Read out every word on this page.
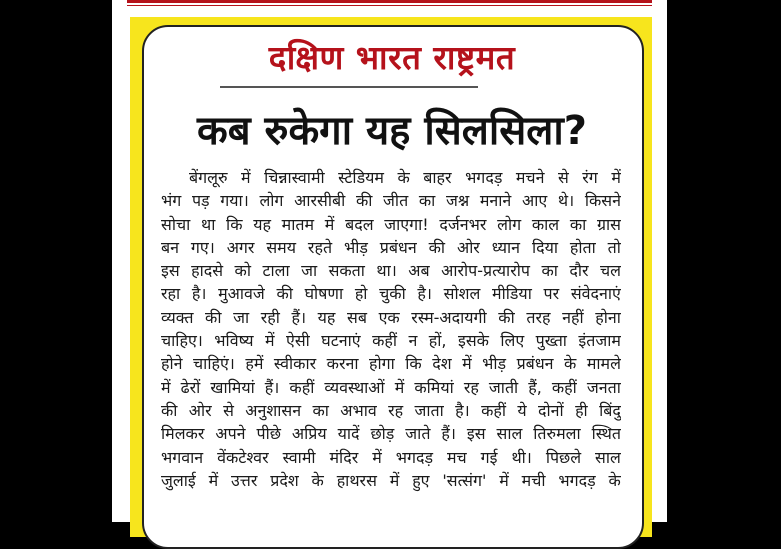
दक्षिण भारत राष्ट्रमत
कब रुकेगा यह सिलसिला?
बेंगलूरु में चिन्नास्वामी स्टेडियम के बाहर भगदड़ मचने से रंग में
भंग पड़ गया। लोग आरसीबी की जीत का जश्न मनाने आए थे। किसने
सोचा था कि यह मातम में बदल जाएगा! दर्जनभर लोग काल का ग्रास
बन गए। अगर समय रहते भीड़ प्रबंधन की ओर ध्यान दिया होता तो
इस हादसे को टाला जा सकता था। अब आरोप-प्रत्यारोप का दौर चल
रहा है। मुआवजे की घोषणा हो चुकी है। सोशल मीडिया पर संवेदनाएं
व्यक्त की जा रही हैं। यह सब एक रस्म-अदायगी की तरह नहीं होना
चाहिए। भविष्य में ऐसी घटनाएं कहीं न हों, इसके लिए पुख्ता इंतजाम
होने चाहिएं। हमें स्वीकार करना होगा कि देश में भीड़ प्रबंधन के मामले
में ढेरों खामियां हैं। कहीं व्यवस्थाओं में कमियां रह जाती हैं, कहीं जनता
की ओर से अनुशासन का अभाव रह जाता है। कहीं ये दोनों ही बिंदु
मिलकर अपने पीछे अप्रिय यादें छोड़ जाते हैं। इस साल तिरुमला स्थित
भगवान वेंकटेश्वर स्वामी मंदिर में भगदड़ मच गई थी। पिछले साल
जुलाई में उत्तर प्रदेश के हाथरस में हुए 'सत्संग' में मची भगदड़ के
